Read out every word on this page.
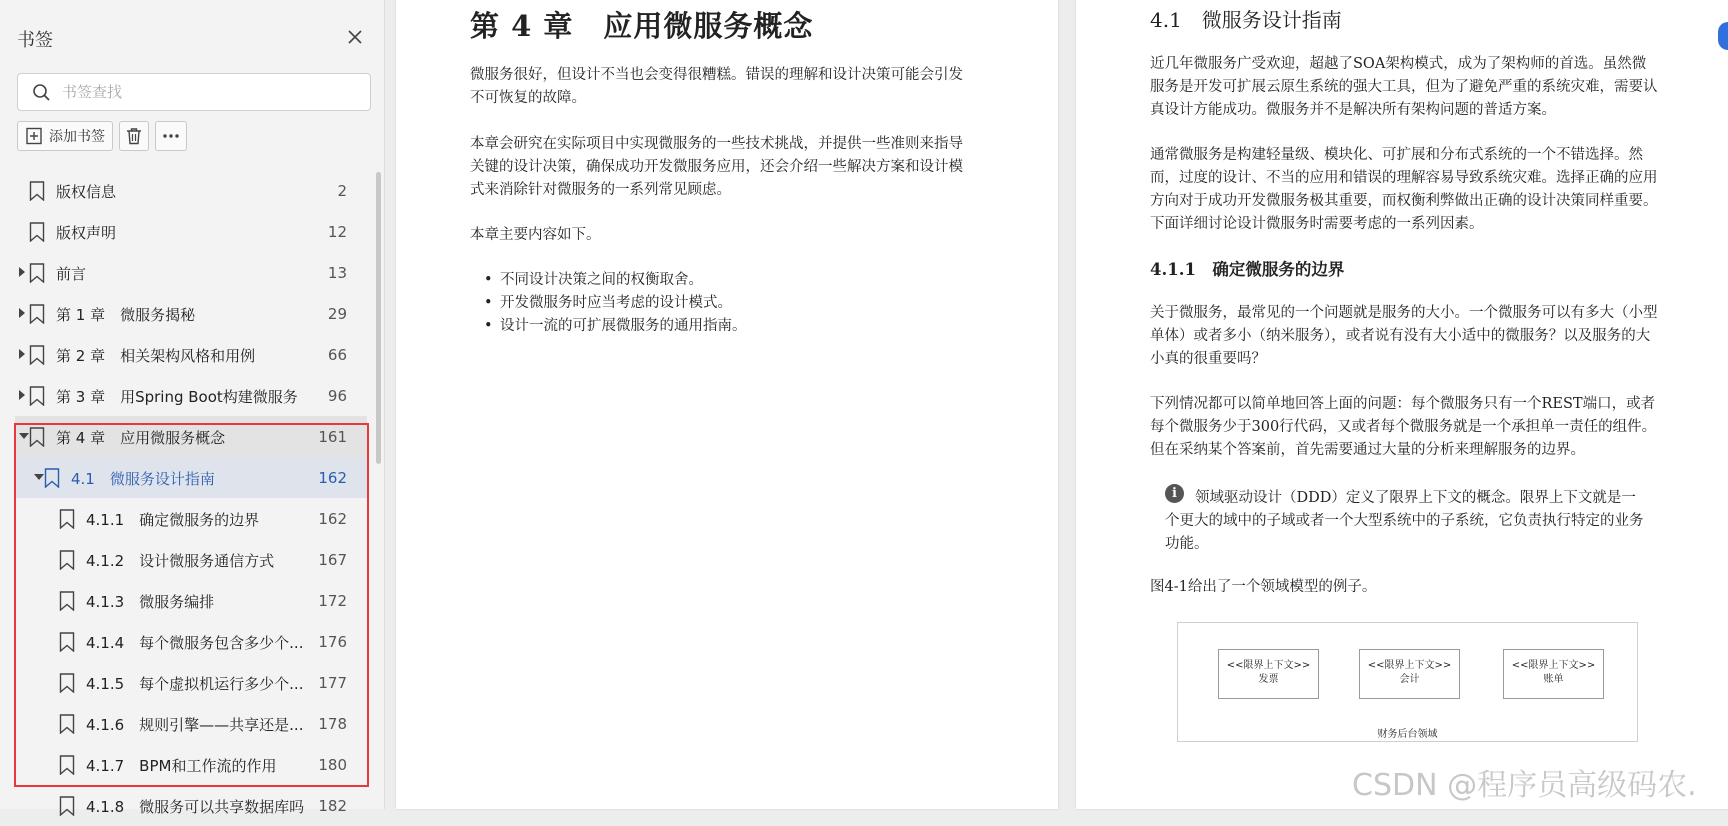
书签
书签查找
添加书签
版权信息	2
版权声明	12
前言	13
第 1 章　微服务揭秘	29
第 2 章　相关架构风格和用例	66
第 3 章　用Spring Boot构建微服务 96
第 4 章　应用微服务概念	161
4.1　微服务设计指南	162
4.1.1　确定微服务的边界	162
4.1.2　设计微服务通信方式	167
4.1.3　微服务编排	172
4.1.4　每个微服务包含多少个... 176
4.1.5　每个虚拟机运行多少个... 177
4.1.6　规则引擎——共享还是... 178
4.1.7　BPM和工作流的作用	180
4.1.8　微服务可以共享数据库吗 182
第 4 章　应用微服务概念
微服务很好，但设计不当也会变得很糟糕。错误的理解和设计决策可能会引发不可恢复的故障。
本章会研究在实际项目中实现微服务的一些技术挑战，并提供一些准则来指导关键的设计决策，确保成功开发微服务应用，还会介绍一些解决方案和设计模式来消除针对微服务的一系列常见顾虑。
本章主要内容如下。
• 不同设计决策之间的权衡取舍。
• 开发微服务时应当考虑的设计模式。
• 设计一流的可扩展微服务的通用指南。
4.1　微服务设计指南
近几年微服务广受欢迎，超越了SOA架构模式，成为了架构师的首选。虽然微服务是开发可扩展云原生系统的强大工具，但为了避免严重的系统灾难，需要认真设计方能成功。微服务并不是解决所有架构问题的普适方案。
通常微服务是构建轻量级、模块化、可扩展和分布式系统的一个不错选择。然而，过度的设计、不当的应用和错误的理解容易导致系统灾难。选择正确的应用方向对于成功开发微服务极其重要，而权衡利弊做出正确的设计决策同样重要。下面详细讨论设计微服务时需要考虑的一系列因素。
4.1.1　确定微服务的边界
关于微服务，最常见的一个问题就是服务的大小。一个微服务可以有多大（小型单体）或者多小（纳米服务），或者说有没有大小适中的微服务？以及服务的大小真的很重要吗？
下列情况都可以简单地回答上面的问题：每个微服务只有一个REST端口，或者每个微服务少于300行代码，又或者每个微服务就是一个承担单一责任的组件。但在采纳某个答案前，首先需要通过大量的分析来理解服务的边界。
i	领域驱动设计（DDD）定义了限界上下文的概念。限界上下文就是一个更大的域中的子域或者一个大型系统中的子系统，它负责执行特定的业务功能。
图4-1给出了一个领域模型的例子。
<<限界上下文>>
发票
<<限界上下文>>
会计
<<限界上下文>>
账单
财务后台领域
CSDN @程序员高级码农.
